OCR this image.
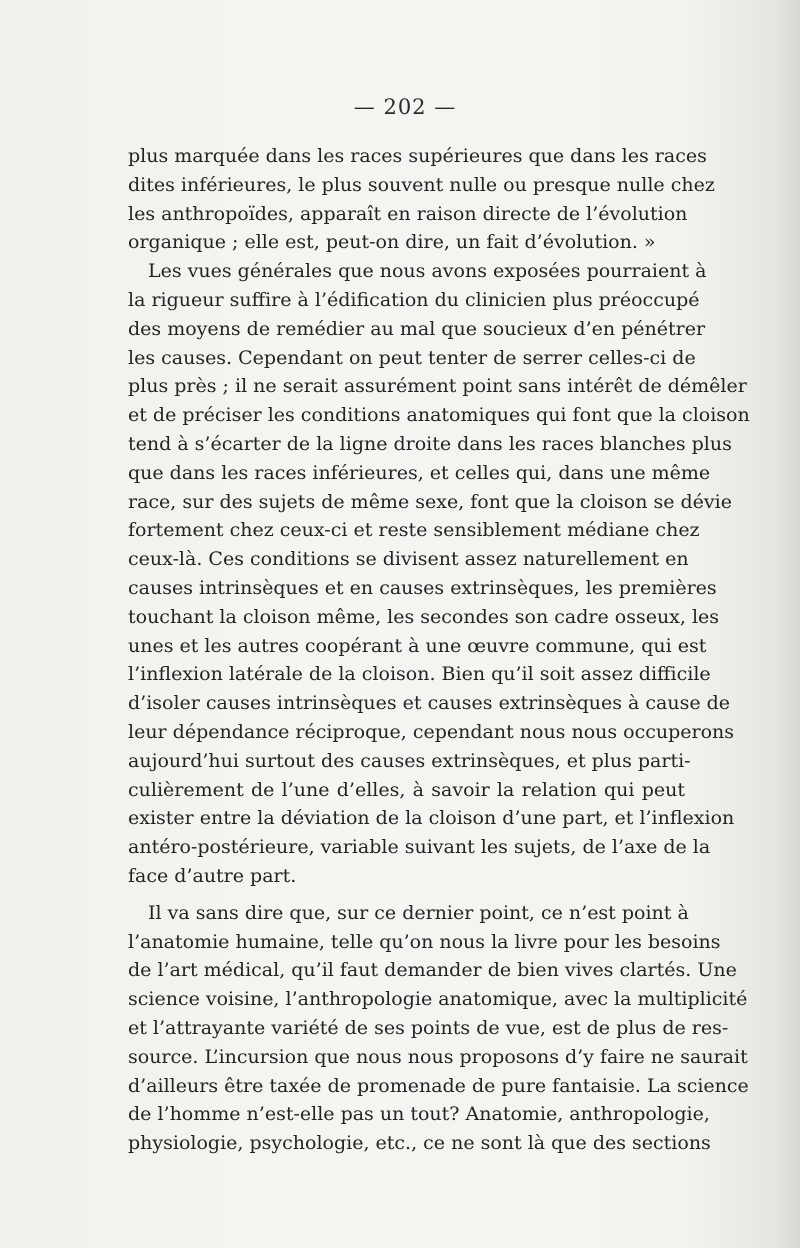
— 202 —
plus marquée dans les races supérieures que dans les races
dites inférieures, le plus souvent nulle ou presque nulle chez
les anthropoïdes, apparaît en raison directe de l’évolution
organique ; elle est, peut-on dire, un fait d’évolution. »
Les vues générales que nous avons exposées pourraient à
la rigueur suffire à l’édification du clinicien plus préoccupé
des moyens de remédier au mal que soucieux d’en pénétrer
les causes. Cependant on peut tenter de serrer celles-ci de
plus près ; il ne serait assurément point sans intérêt de démêler
et de préciser les conditions anatomiques qui font que la cloison
tend à s’écarter de la ligne droite dans les races blanches plus
que dans les races inférieures, et celles qui, dans une même
race, sur des sujets de même sexe, font que la cloison se dévie
fortement chez ceux-ci et reste sensiblement médiane chez
ceux-là. Ces conditions se divisent assez naturellement en
causes intrinsèques et en causes extrinsèques, les premières
touchant la cloison même, les secondes son cadre osseux, les
unes et les autres coopérant à une œuvre commune, qui est
l’inflexion latérale de la cloison. Bien qu’il soit assez difficile
d’isoler causes intrinsèques et causes extrinsèques à cause de
leur dépendance réciproque, cependant nous nous occuperons
aujourd’hui surtout des causes extrinsèques, et plus parti-
culièrement de l’une d’elles, à savoir la relation qui peut
exister entre la déviation de la cloison d’une part, et l’inflexion
antéro-postérieure, variable suivant les sujets, de l’axe de la
face d’autre part.
Il va sans dire que, sur ce dernier point, ce n’est point à
l’anatomie humaine, telle qu’on nous la livre pour les besoins
de l’art médical, qu’il faut demander de bien vives clartés. Une
science voisine, l’anthropologie anatomique, avec la multiplicité
et l’attrayante variété de ses points de vue, est de plus de res-
source. L’incursion que nous nous proposons d’y faire ne saurait
d’ailleurs être taxée de promenade de pure fantaisie. La science
de l’homme n’est-elle pas un tout? Anatomie, anthropologie,
physiologie, psychologie, etc., ce ne sont là que des sections
